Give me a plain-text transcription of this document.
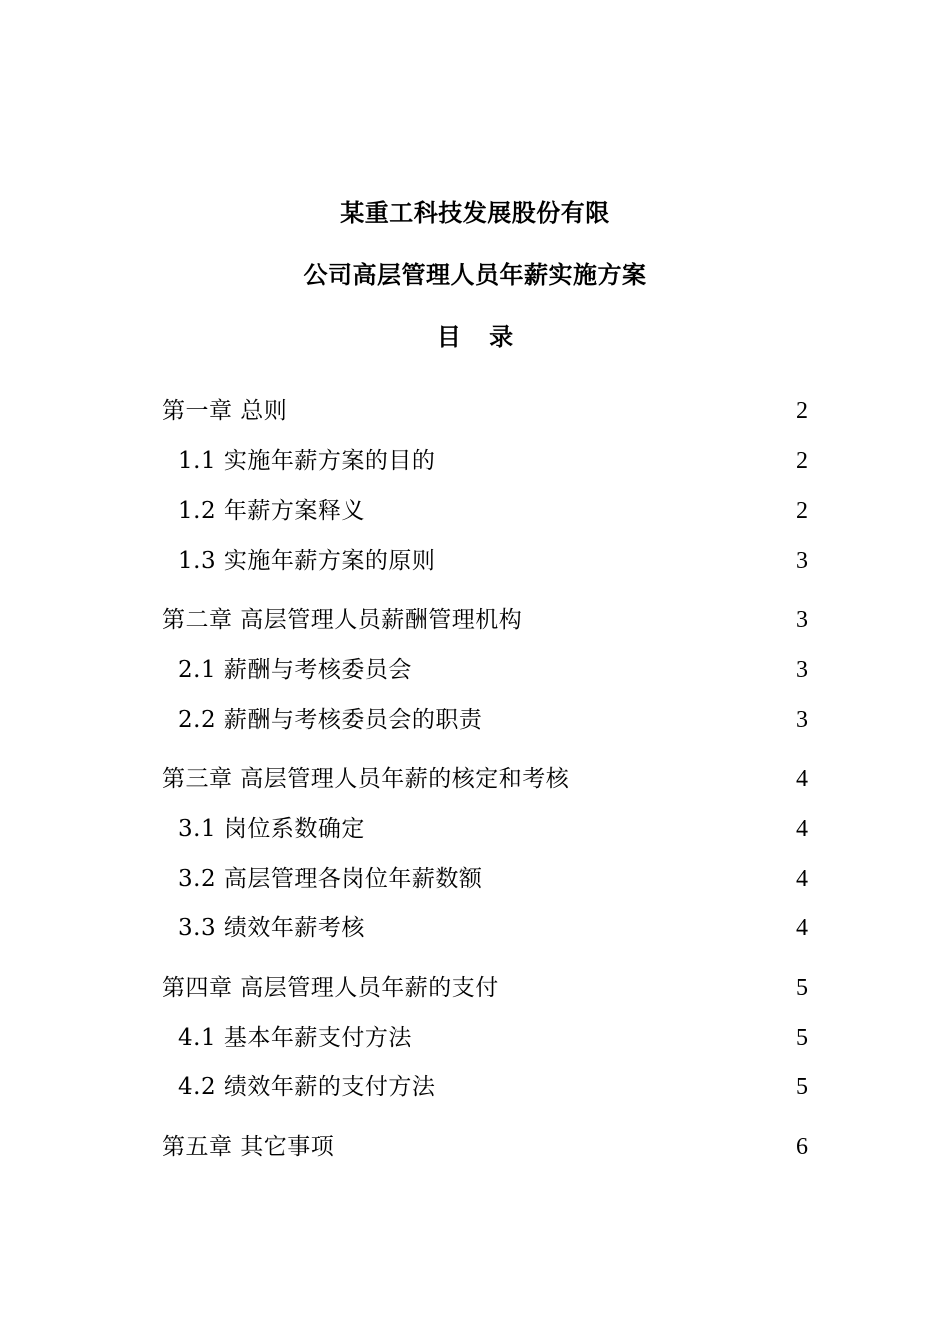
某重工科技发展股份有限
公司高层管理人员年薪实施方案
目 录
第一章 总则	2
1.1 实施年薪方案的目的	2
1.2 年薪方案释义	2
1.3 实施年薪方案的原则	3
第二章 高层管理人员薪酬管理机构	3
2.1 薪酬与考核委员会	3
2.2 薪酬与考核委员会的职责	3
第三章 高层管理人员年薪的核定和考核	4
3.1 岗位系数确定	4
3.2 高层管理各岗位年薪数额	4
3.3 绩效年薪考核	4
第四章 高层管理人员年薪的支付	5
4.1 基本年薪支付方法	5
4.2 绩效年薪的支付方法	5
第五章 其它事项	6
